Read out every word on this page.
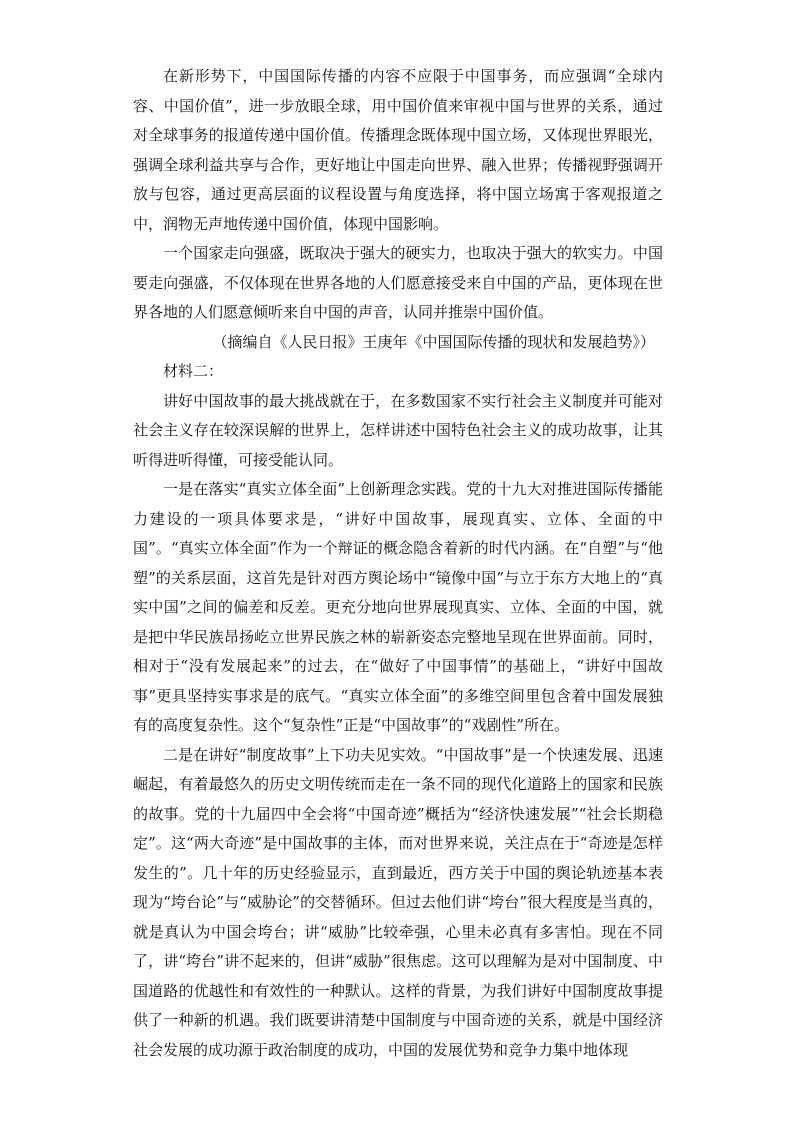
在新形势下，中国国际传播的内容不应限于中国事务，而应强调“全球内容、中国价值”，进一步放眼全球，用中国价值来审视中国与世界的关系，通过对全球事务的报道传递中国价值。传播理念既体现中国立场，又体现世界眼光，强调全球利益共享与合作，更好地让中国走向世界、融入世界；传播视野强调开放与包容，通过更高层面的议程设置与角度选择，将中国立场寓于客观报道之中，润物无声地传递中国价值，体现中国影响。

一个国家走向强盛，既取决于强大的硬实力，也取决于强大的软实力。中国要走向强盛，不仅体现在世界各地的人们愿意接受来自中国的产品，更体现在世界各地的人们愿意倾听来自中国的声音，认同并推崇中国价值。

（摘编自《人民日报》王庚年《中国国际传播的现状和发展趋势》）

材料二：

讲好中国故事的最大挑战就在于，在多数国家不实行社会主义制度并可能对社会主义存在较深误解的世界上，怎样讲述中国特色社会主义的成功故事，让其听得进听得懂，可接受能认同。

一是在落实“真实立体全面”上创新理念实践。党的十九大对推进国际传播能力建设的一项具体要求是，“讲好中国故事，展现真实、立体、全面的中国”。“真实立体全面”作为一个辩证的概念隐含着新的时代内涵。在“自塑”与“他塑”的关系层面，这首先是针对西方舆论场中“镜像中国”与立于东方大地上的“真实中国”之间的偏差和反差。更充分地向世界展现真实、立体、全面的中国，就是把中华民族昂扬屹立世界民族之林的崭新姿态完整地呈现在世界面前。同时，相对于“没有发展起来”的过去，在“做好了中国事情”的基础上，“讲好中国故事”更具坚持实事求是的底气。“真实立体全面”的多维空间里包含着中国发展独有的高度复杂性。这个“复杂性”正是“中国故事”的“戏剧性”所在。

二是在讲好“制度故事”上下功夫见实效。“中国故事”是一个快速发展、迅速崛起，有着最悠久的历史文明传统而走在一条不同的现代化道路上的国家和民族的故事。党的十九届四中全会将“中国奇迹”概括为“经济快速发展”“社会长期稳定”。这“两大奇迹”是中国故事的主体，而对世界来说，关注点在于“奇迹是怎样发生的”。几十年的历史经验显示，直到最近，西方关于中国的舆论轨迹基本表现为“垮台论”与“威胁论”的交替循环。但过去他们讲“垮台”很大程度是当真的，就是真认为中国会垮台；讲“威胁”比较牵强，心里未必真有多害怕。现在不同了，讲“垮台”讲不起来的，但讲“威胁”很焦虑。这可以理解为是对中国制度、中国道路的优越性和有效性的一种默认。这样的背景，为我们讲好中国制度故事提供了一种新的机遇。我们既要讲清楚中国制度与中国奇迹的关系，就是中国经济社会发展的成功源于政治制度的成功，中国的发展优势和竞争力集中地体现
